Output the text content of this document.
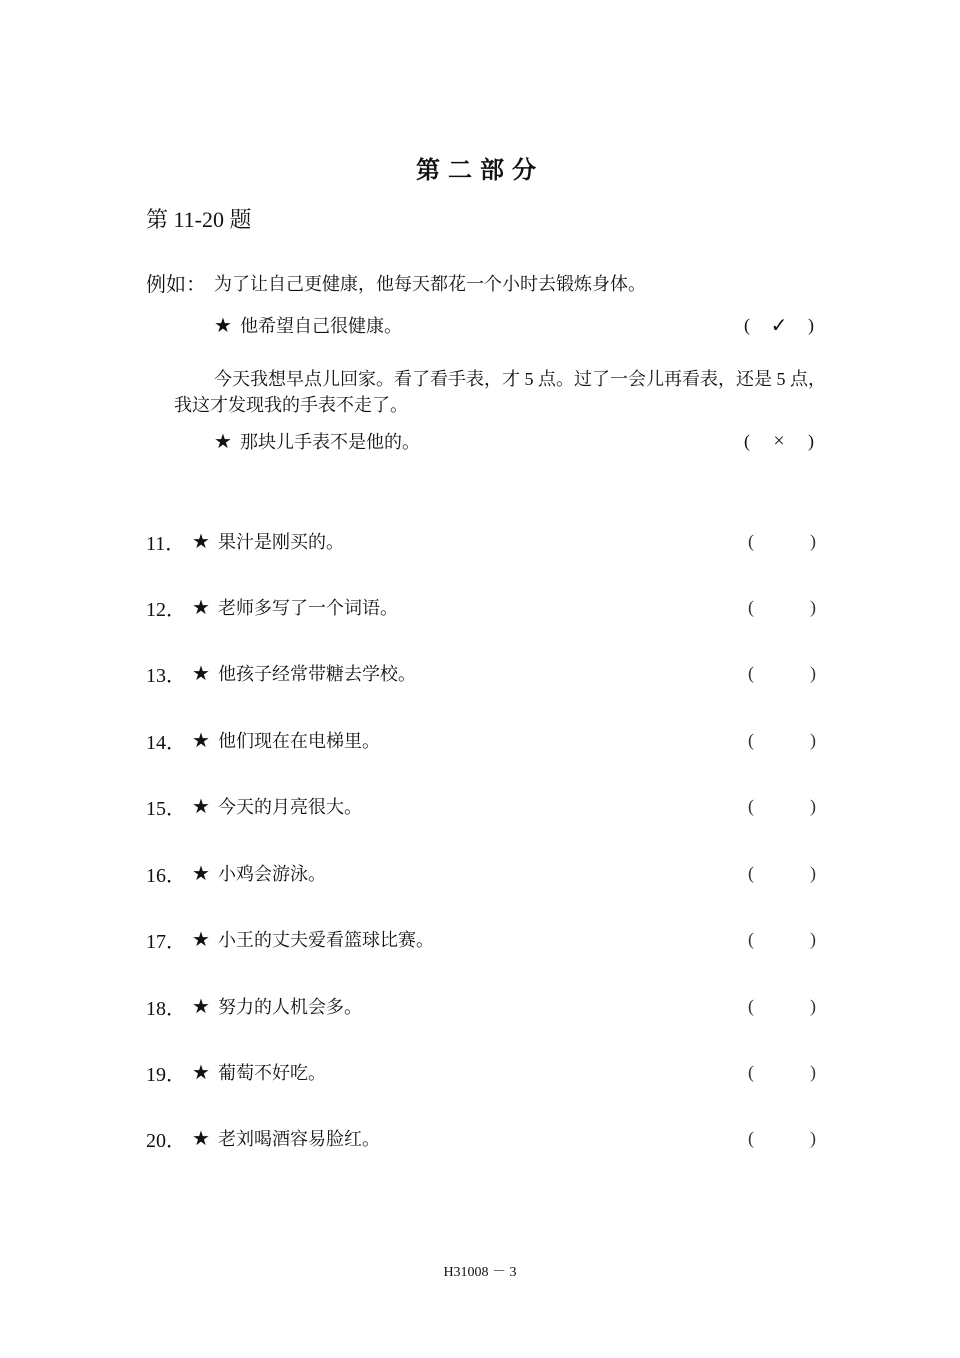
第二部分
第 11-20 题
例如： 为了让自己更健康，他每天都花一个小时去锻炼身体。
★ 他希望自己很健康。	( ✓ )
今天我想早点儿回家。看了看手表，才 5 点。过了一会儿再看表，还是 5 点，我这才发现我的手表不走了。
★ 那块儿手表不是他的。	( × )
11． ★ 果汁是刚买的。	(	)
12． ★ 老师多写了一个词语。	(	)
13． ★ 他孩子经常带糖去学校。	(	)
14． ★ 他们现在在电梯里。	(	)
15． ★ 今天的月亮很大。	(	)
16． ★ 小鸡会游泳。	(	)
17． ★ 小王的丈夫爱看篮球比赛。	(	)
18． ★ 努力的人机会多。	(	)
19． ★ 葡萄不好吃。	(	)
20． ★ 老刘喝酒容易脸红。	(	)
H31008 － 3
